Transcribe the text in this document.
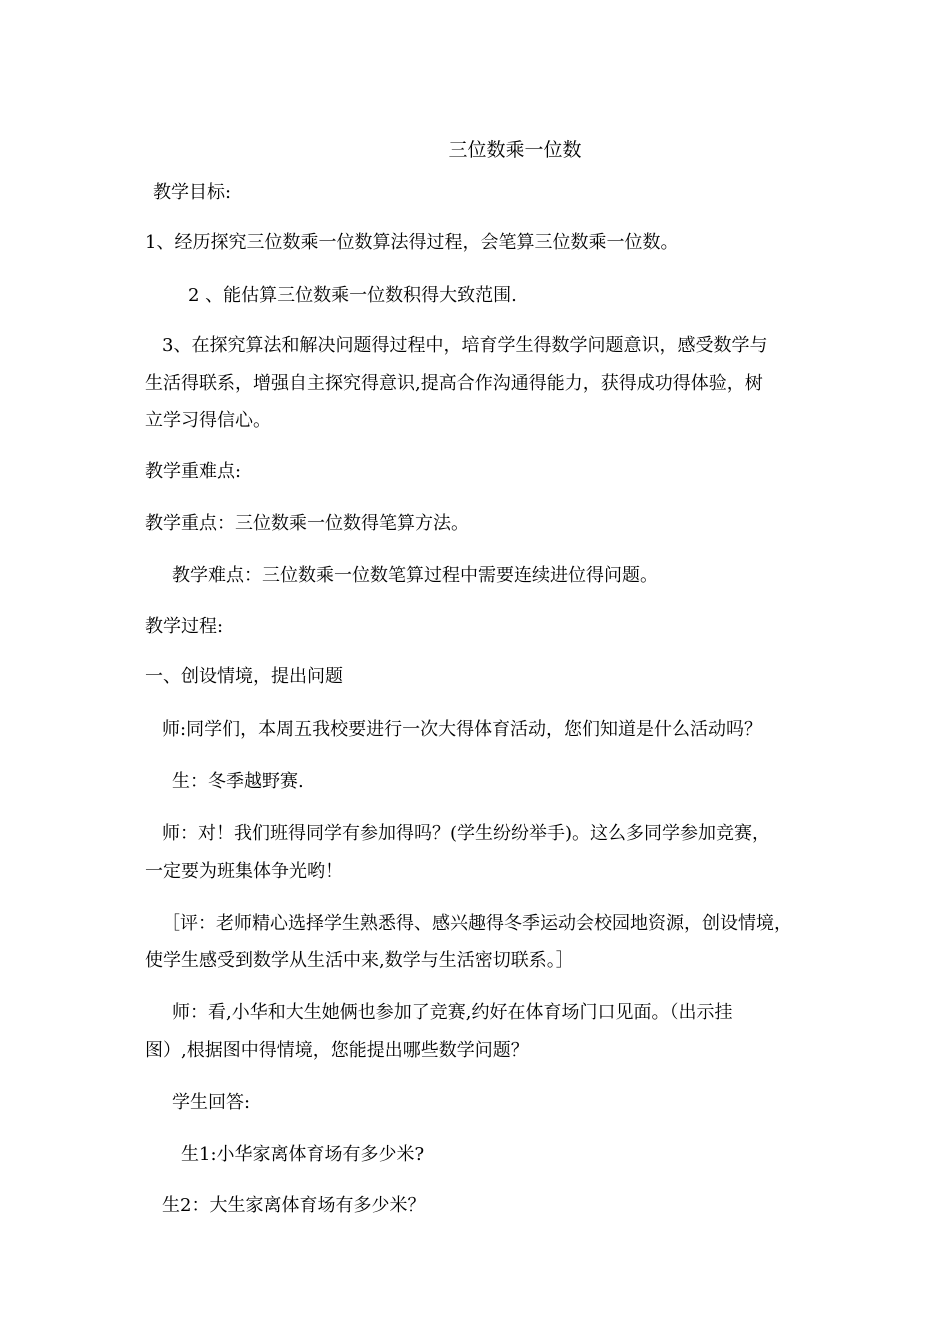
三位数乘一位数
教学目标:
1、经历探究三位数乘一位数算法得过程，会笔算三位数乘一位数。
2 、能估算三位数乘一位数积得大致范围.
3、在探究算法和解决问题得过程中，培育学生得数学问题意识，感受数学与
生活得联系，增强自主探究得意识,提高合作沟通得能力，获得成功得体验，树
立学习得信心。
教学重难点:
教学重点：三位数乘一位数得笔算方法。
教学难点：三位数乘一位数笔算过程中需要连续进位得问题。
教学过程:
一、创设情境，提出问题
师:同学们，本周五我校要进行一次大得体育活动，您们知道是什么活动吗？
生：冬季越野赛.
师：对！我们班得同学有参加得吗？(学生纷纷举手)。这么多同学参加竞赛，
一定要为班集体争光哟！
［评：老师精心选择学生熟悉得、感兴趣得冬季运动会校园地资源，创设情境，
使学生感受到数学从生活中来,数学与生活密切联系。］
师：看,小华和大生她俩也参加了竞赛,约好在体育场门口见面。（出示挂
图）,根据图中得情境，您能提出哪些数学问题？
学生回答:
生1:小华家离体育场有多少米?
生2：大生家离体育场有多少米？
